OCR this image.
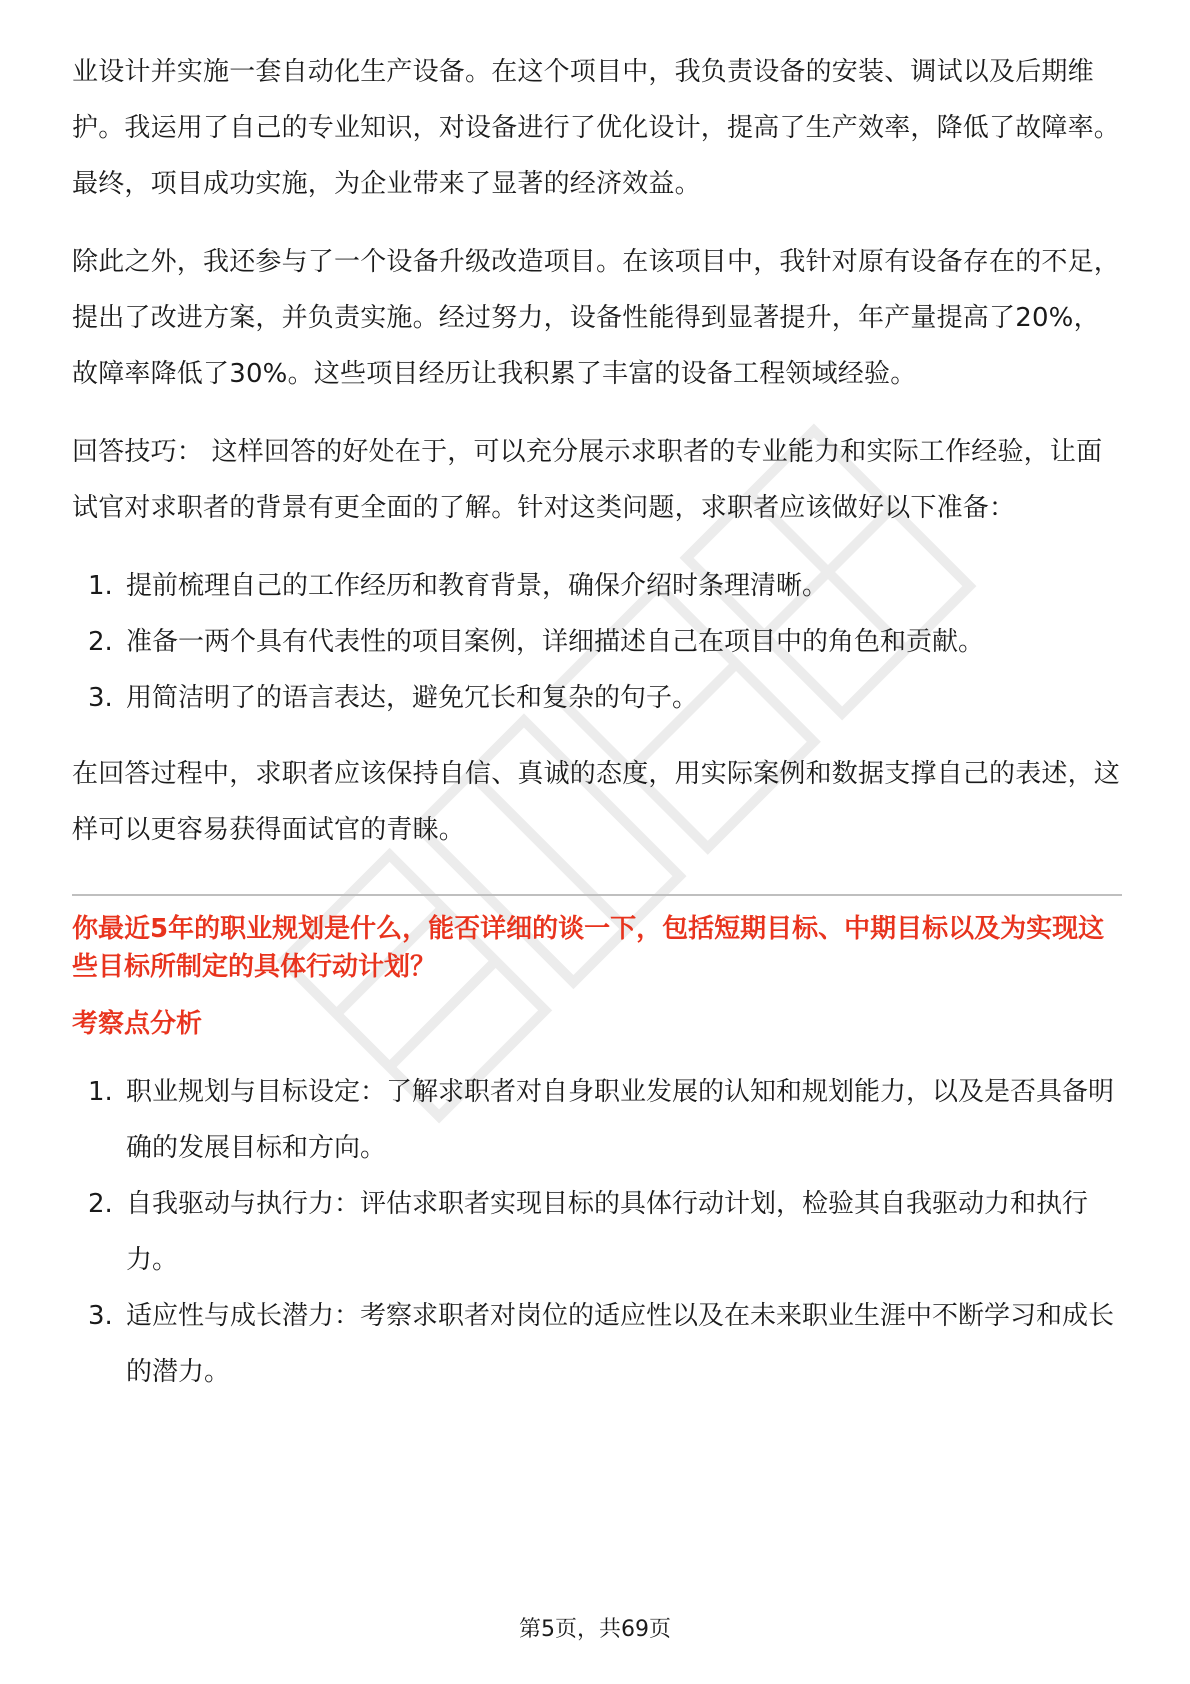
业设计并实施一套自动化生产设备。在这个项目中，我负责设备的安装、调试以及后期维护。我运用了自己的专业知识，对设备进行了优化设计，提高了生产效率，降低了故障率。最终，项目成功实施，为企业带来了显著的经济效益。

除此之外，我还参与了一个设备升级改造项目。在该项目中，我针对原有设备存在的不足，提出了改进方案，并负责实施。经过努力，设备性能得到显著提升，年产量提高了20%，故障率降低了30%。这些项目经历让我积累了丰富的设备工程领域经验。

回答技巧： 这样回答的好处在于，可以充分展示求职者的专业能力和实际工作经验，让面试官对求职者的背景有更全面的了解。针对这类问题，求职者应该做好以下准备：

1. 提前梳理自己的工作经历和教育背景，确保介绍时条理清晰。
2. 准备一两个具有代表性的项目案例，详细描述自己在项目中的角色和贡献。
3. 用简洁明了的语言表达，避免冗长和复杂的句子。

在回答过程中，求职者应该保持自信、真诚的态度，用实际案例和数据支撑自己的表述，这样可以更容易获得面试官的青睐。

你最近5年的职业规划是什么，能否详细的谈一下，包括短期目标、中期目标以及为实现这些目标所制定的具体行动计划？
考察点分析
1. 职业规划与目标设定：了解求职者对自身职业发展的认知和规划能力，以及是否具备明确的发展目标和方向。
2. 自我驱动与执行力：评估求职者实现目标的具体行动计划，检验其自我驱动力和执行力。
3. 适应性与成长潜力：考察求职者对岗位的适应性以及在未来职业生涯中不断学习和成长的潜力。
第5页，共69页
